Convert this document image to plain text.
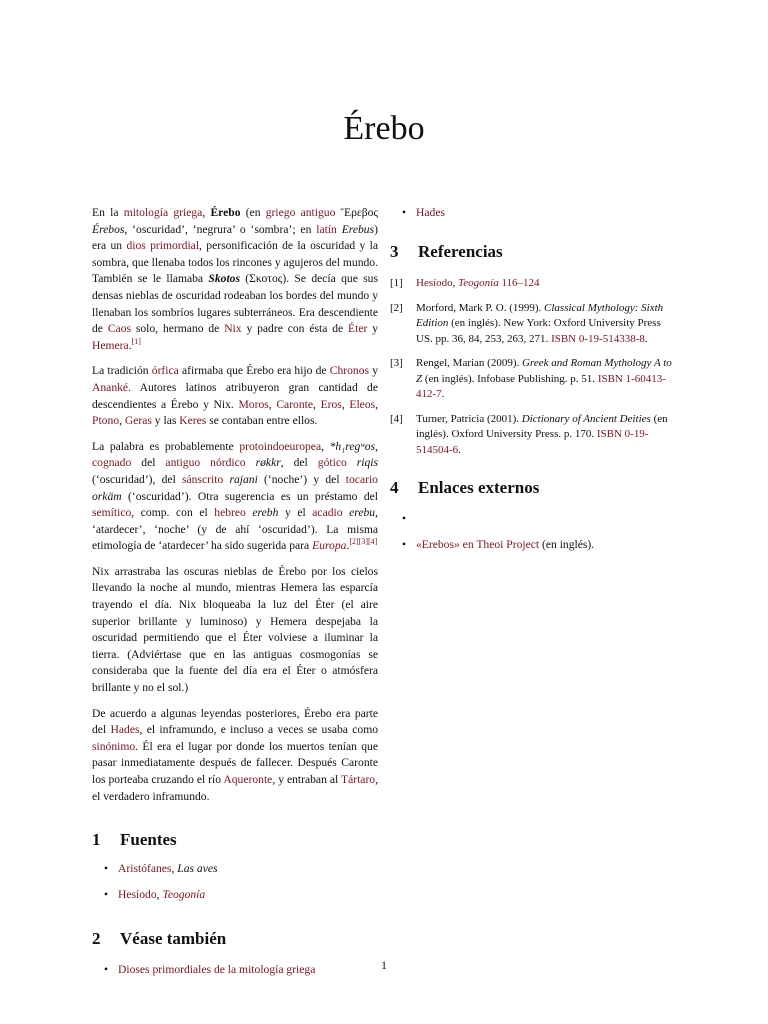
Érebo

En la mitología griega, Érebo (en griego antiguo Ἔρεβος Érebos, ‘oscuridad’, ‘negrura’ o ‘sombra’; en latín Erebus) era un dios primordial, personificación de la oscuridad y la sombra, que llenaba todos los rincones y agujeros del mundo. También se le llamaba Skotos (Σκοτος). Se decía que sus densas nieblas de oscuridad rodeaban los bordes del mundo y llenaban los sombríos lugares subterráneos. Era descendiente de Caos solo, hermano de Nix y padre con ésta de Éter y Hemera.[1]

La tradición órfica afirmaba que Érebo era hijo de Chronos y Ananké. Autores latinos atribuyeron gran cantidad de descendientes a Érebo y Nix. Moros, Caronte, Eros, Eleos, Ptono, Geras y las Keres se contaban entre ellos.

La palabra es probablemente protoindoeuropea, *h₁regʷos, cognado del antiguo nórdico røkkr, del gótico riqis (‘oscuridad’), del sánscrito rajani (‘noche’) y del tocario orkäm (‘oscuridad’). Otra sugerencia es un préstamo del semítico, comp. con el hebreo erebh y el acadio erebu, ‘atardecer’, ‘noche’ (y de ahí ‘oscuridad’). La misma etimología de ‘atardecer’ ha sido sugerida para Europa.[2][3][4]

Nix arrastraba las oscuras nieblas de Érebo por los cielos llevando la noche al mundo, mientras Hemera las esparcía trayendo el día. Nix bloqueaba la luz del Éter (el aire superior brillante y luminoso) y Hemera despejaba la oscuridad permitiendo que el Éter volviese a iluminar la tierra. (Adviértase que en las antiguas cosmogonías se consideraba que la fuente del día era el Éter o atmósfera brillante y no el sol.)

De acuerdo a algunas leyendas posteriores, Érebo era parte del Hades, el inframundo, e incluso a veces se usaba como sinónimo. Él era el lugar por donde los muertos tenían que pasar inmediatamente después de fallecer. Después Caronte los porteaba cruzando el río Aqueronte, y entraban al Tártaro, el verdadero inframundo.

1 Fuentes
• Aristófanes, Las aves
• Hesíodo, Teogonía
2 Véase también
• Dioses primordiales de la mitología griega
• Hades
3 Referencias
[1]	Hesíodo, Teogonía 116–124
[2]	Morford, Mark P. O. (1999). Classical Mythology: Sixth Edition (en inglés). New York: Oxford University Press US. pp. 36, 84, 253, 263, 271. ISBN 0-19-514338-8.
[3]	Rengel, Marian (2009). Greek and Roman Mythology A to Z (en inglés). Infobase Publishing. p. 51. ISBN 1-60413-412-7.
[4]	Turner, Patricia (2001). Dictionary of Ancient Deities (en inglés). Oxford University Press. p. 170. ISBN 0-19-514504-6.
4 Enlaces externos
•
• «Erebos» en Theoi Project (en inglés).
1
